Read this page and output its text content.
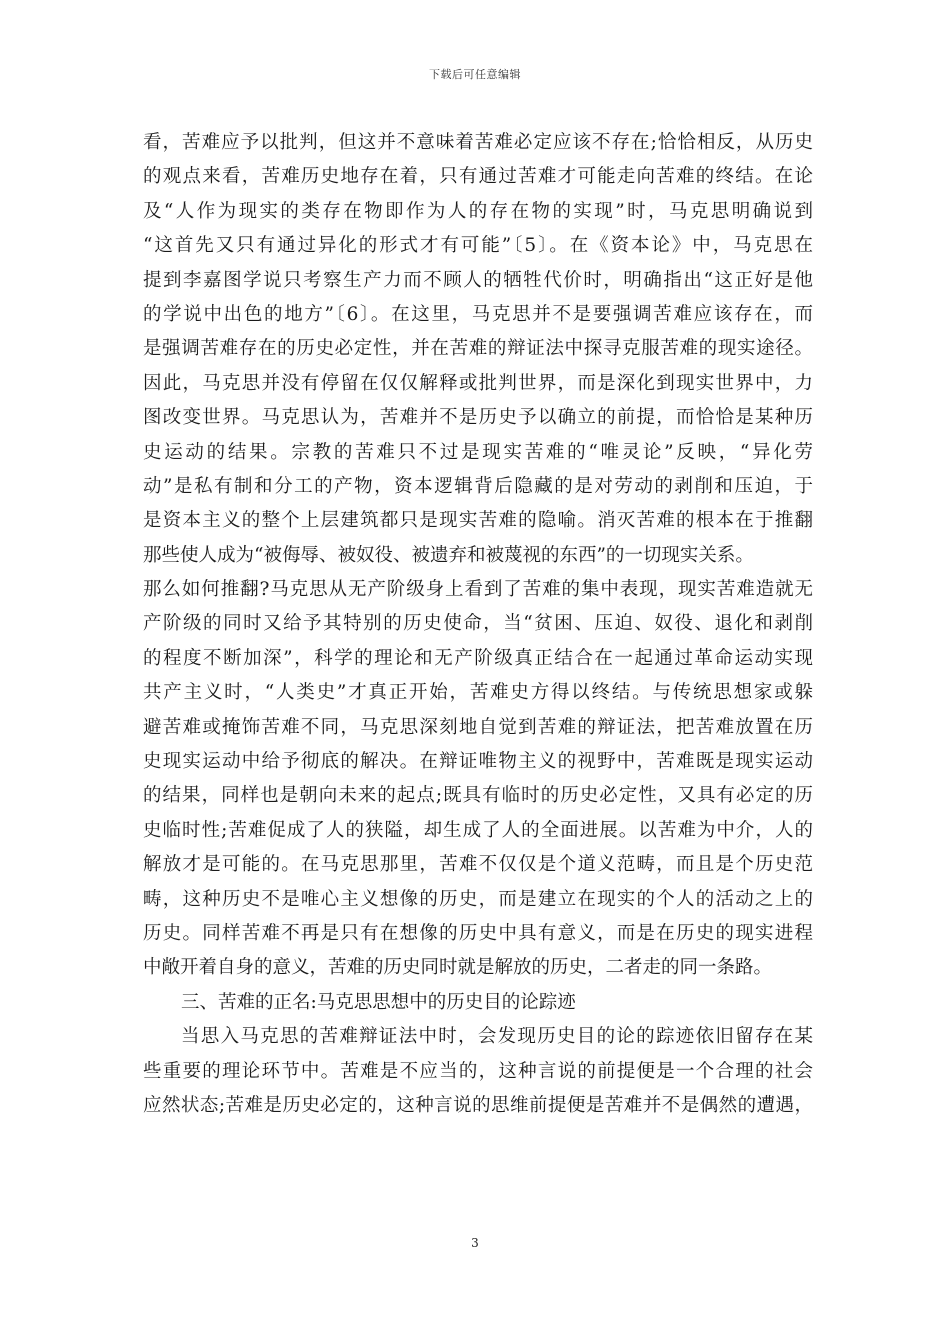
下载后可任意编辑
看，苦难应予以批判，但这并不意味着苦难必定应该不存在;恰恰相反，从历史
的观点来看，苦难历史地存在着，只有通过苦难才可能走向苦难的终结。在论
及“人作为现实的类存在物即作为人的存在物的实现”时，马克思明确说到
“这首先又只有通过异化的形式才有可能”〔5〕。在《资本论》中，马克思在
提到李嘉图学说只考察生产力而不顾人的牺牲代价时，明确指出“这正好是他
的学说中出色的地方”〔6〕。在这里，马克思并不是要强调苦难应该存在，而
是强调苦难存在的历史必定性，并在苦难的辩证法中探寻克服苦难的现实途径。
因此，马克思并没有停留在仅仅解释或批判世界，而是深化到现实世界中，力
图改变世界。马克思认为，苦难并不是历史予以确立的前提，而恰恰是某种历
史运动的结果。宗教的苦难只不过是现实苦难的“唯灵论”反映，“异化劳
动”是私有制和分工的产物，资本逻辑背后隐藏的是对劳动的剥削和压迫，于
是资本主义的整个上层建筑都只是现实苦难的隐喻。消灭苦难的根本在于推翻
那些使人成为“被侮辱、被奴役、被遗弃和被蔑视的东西”的一切现实关系。
那么如何推翻?马克思从无产阶级身上看到了苦难的集中表现，现实苦难造就无
产阶级的同时又给予其特别的历史使命，当“贫困、压迫、奴役、退化和剥削
的程度不断加深”，科学的理论和无产阶级真正结合在一起通过革命运动实现
共产主义时，“人类史”才真正开始，苦难史方得以终结。与传统思想家或躲
避苦难或掩饰苦难不同，马克思深刻地自觉到苦难的辩证法，把苦难放置在历
史现实运动中给予彻底的解决。在辩证唯物主义的视野中，苦难既是现实运动
的结果，同样也是朝向未来的起点;既具有临时的历史必定性，又具有必定的历
史临时性;苦难促成了人的狭隘，却生成了人的全面进展。以苦难为中介，人的
解放才是可能的。在马克思那里，苦难不仅仅是个道义范畴，而且是个历史范
畴，这种历史不是唯心主义想像的历史，而是建立在现实的个人的活动之上的
历史。同样苦难不再是只有在想像的历史中具有意义，而是在历史的现实进程
中敞开着自身的意义，苦难的历史同时就是解放的历史，二者走的同一条路。
三、苦难的正名:马克思思想中的历史目的论踪迹
当思入马克思的苦难辩证法中时，会发现历史目的论的踪迹依旧留存在某
些重要的理论环节中。苦难是不应当的，这种言说的前提便是一个合理的社会
应然状态;苦难是历史必定的，这种言说的思维前提便是苦难并不是偶然的遭遇，
3
